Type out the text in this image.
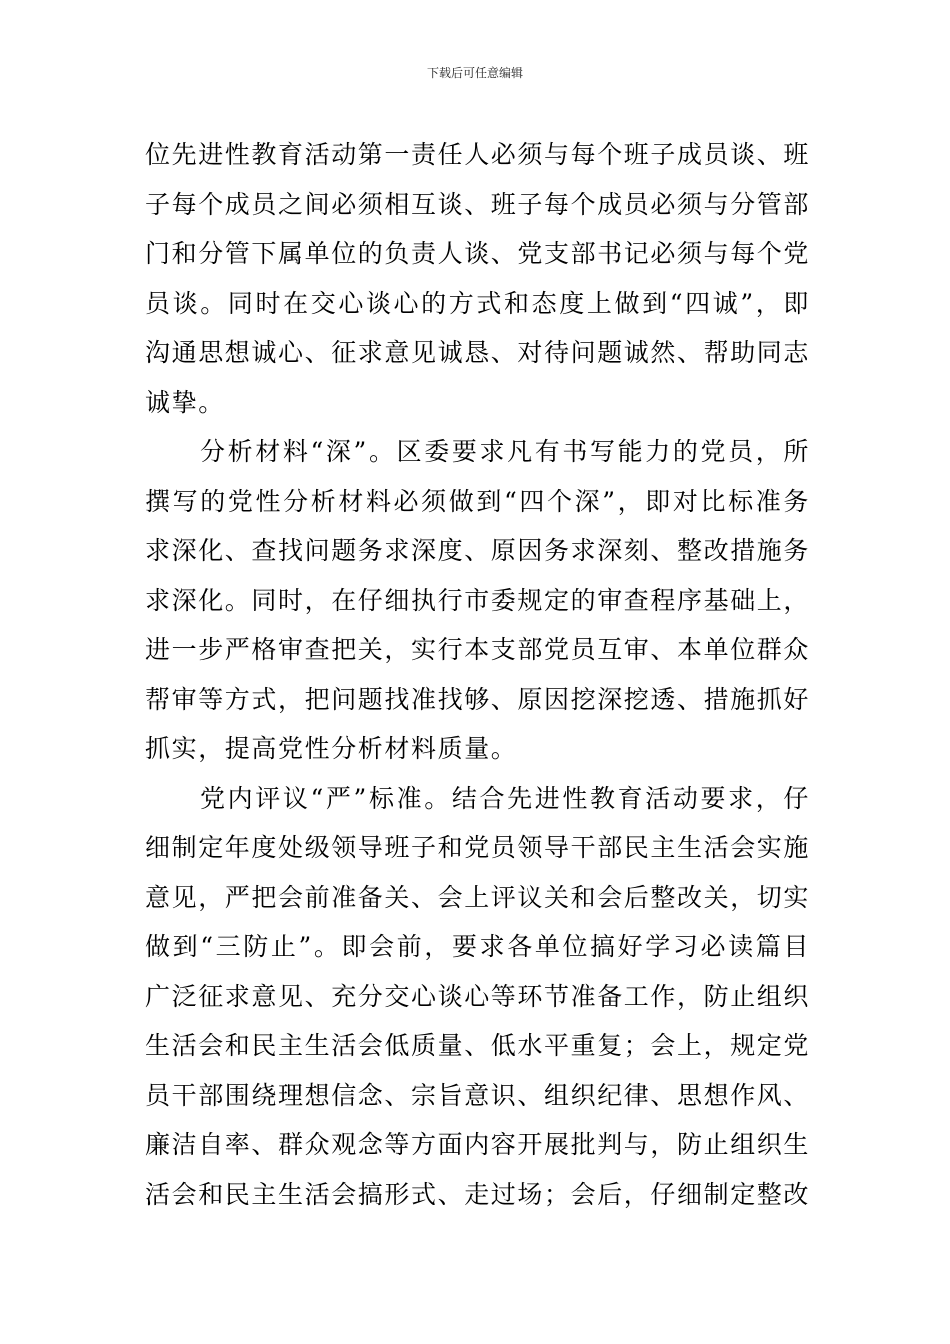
下载后可任意编辑
位先进性教育活动第一责任人必须与每个班子成员谈、班
子每个成员之间必须相互谈、班子每个成员必须与分管部
门和分管下属单位的负责人谈、党支部书记必须与每个党
员谈。同时在交心谈心的方式和态度上做到“四诚”，即
沟通思想诚心、征求意见诚恳、对待问题诚然、帮助同志
诚挚。
分析材料“深”。区委要求凡有书写能力的党员，所
撰写的党性分析材料必须做到“四个深”，即对比标准务
求深化、查找问题务求深度、原因务求深刻、整改措施务
求深化。同时，在仔细执行市委规定的审查程序基础上，
进一步严格审查把关，实行本支部党员互审、本单位群众
帮审等方式，把问题找准找够、原因挖深挖透、措施抓好
抓实，提高党性分析材料质量。
党内评议“严”标准。结合先进性教育活动要求，仔
细制定年度处级领导班子和党员领导干部民主生活会实施
意见，严把会前准备关、会上评议关和会后整改关，切实
做到“三防止”。即会前，要求各单位搞好学习必读篇目
广泛征求意见、充分交心谈心等环节准备工作，防止组织
生活会和民主生活会低质量、低水平重复；会上，规定党
员干部围绕理想信念、宗旨意识、组织纪律、思想作风、
廉洁自率、群众观念等方面内容开展批判与，防止组织生
活会和民主生活会搞形式、走过场；会后，仔细制定整改
